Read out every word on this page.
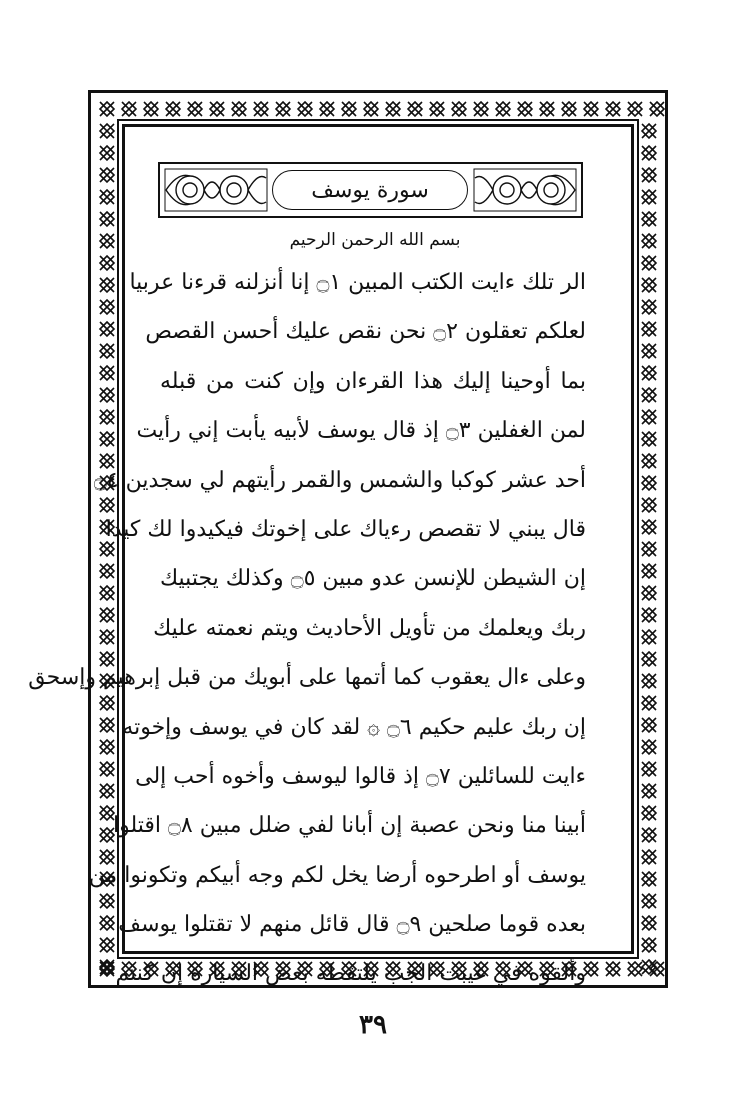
سورة يوسف
بسم الله الرحمن الرحيم
الر تلك ءايت الكتب المبين ۝١ إنا أنزلنه قرءنا عربيا
لعلكم تعقلون ۝٢ نحن نقص عليك أحسن القصص
بما أوحينا إليك هذا القرءان وإن كنت من قبله
لمن الغفلين ۝٣ إذ قال يوسف لأبيه يأبت إني رأيت
أحد عشر كوكبا والشمس والقمر رأيتهم لي سجدين ۝٤
قال يبني لا تقصص رءياك على إخوتك فيكيدوا لك كيدا
إن الشيطن للإنسن عدو مبين ۝٥ وكذلك يجتبيك
ربك ويعلمك من تأويل الأحاديث ويتم نعمته عليك
وعلى ءال يعقوب كما أتمها على أبويك من قبل إبرهيم وإسحق
إن ربك عليم حكيم ۝٦ ۞ لقد كان في يوسف وإخوته
ءايت للسائلين ۝٧ إذ قالوا ليوسف وأخوه أحب إلى
أبينا منا ونحن عصبة إن أبانا لفي ضلل مبين ۝٨ اقتلوا
يوسف أو اطرحوه أرضا يخل لكم وجه أبيكم وتكونوا من
بعده قوما صلحين ۝٩ قال قائل منهم لا تقتلوا يوسف
وألقوه في غيبت الجب يلتقطه بعض السيارة إن كنتم
٣٩
